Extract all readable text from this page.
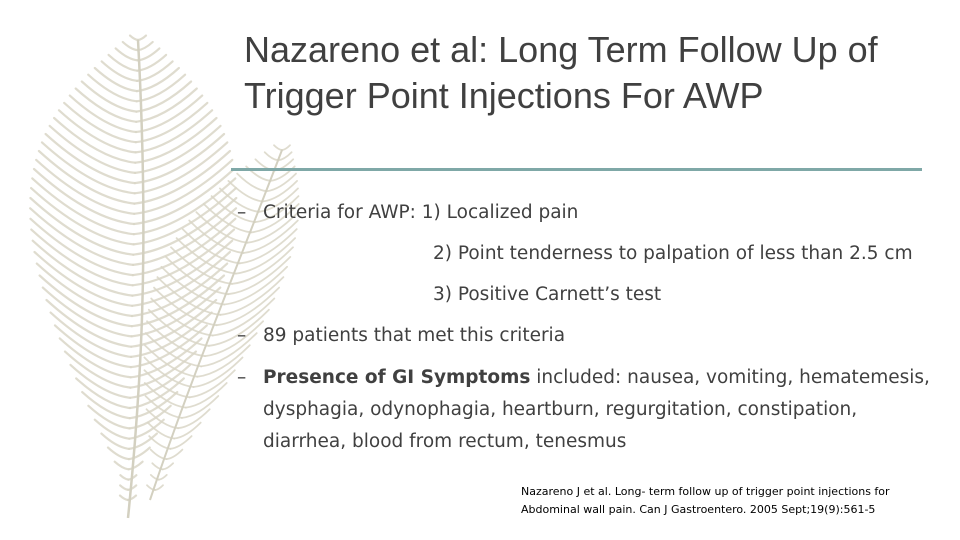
Nazareno et al: Long Term Follow Up of Trigger Point Injections For AWP
– Criteria for AWP: 1) Localized pain
2) Point tenderness to palpation of less than 2.5 cm
3) Positive Carnett’s test
– 89 patients that met this criteria
– Presence of GI Symptoms included: nausea, vomiting, hematemesis, dysphagia, odynophagia, heartburn, regurgitation, constipation, diarrhea, blood from rectum, tenesmus
Nazareno J et al. Long- term follow up of trigger point injections for
Abdominal wall pain. Can J Gastroentero. 2005 Sept;19(9):561-5
